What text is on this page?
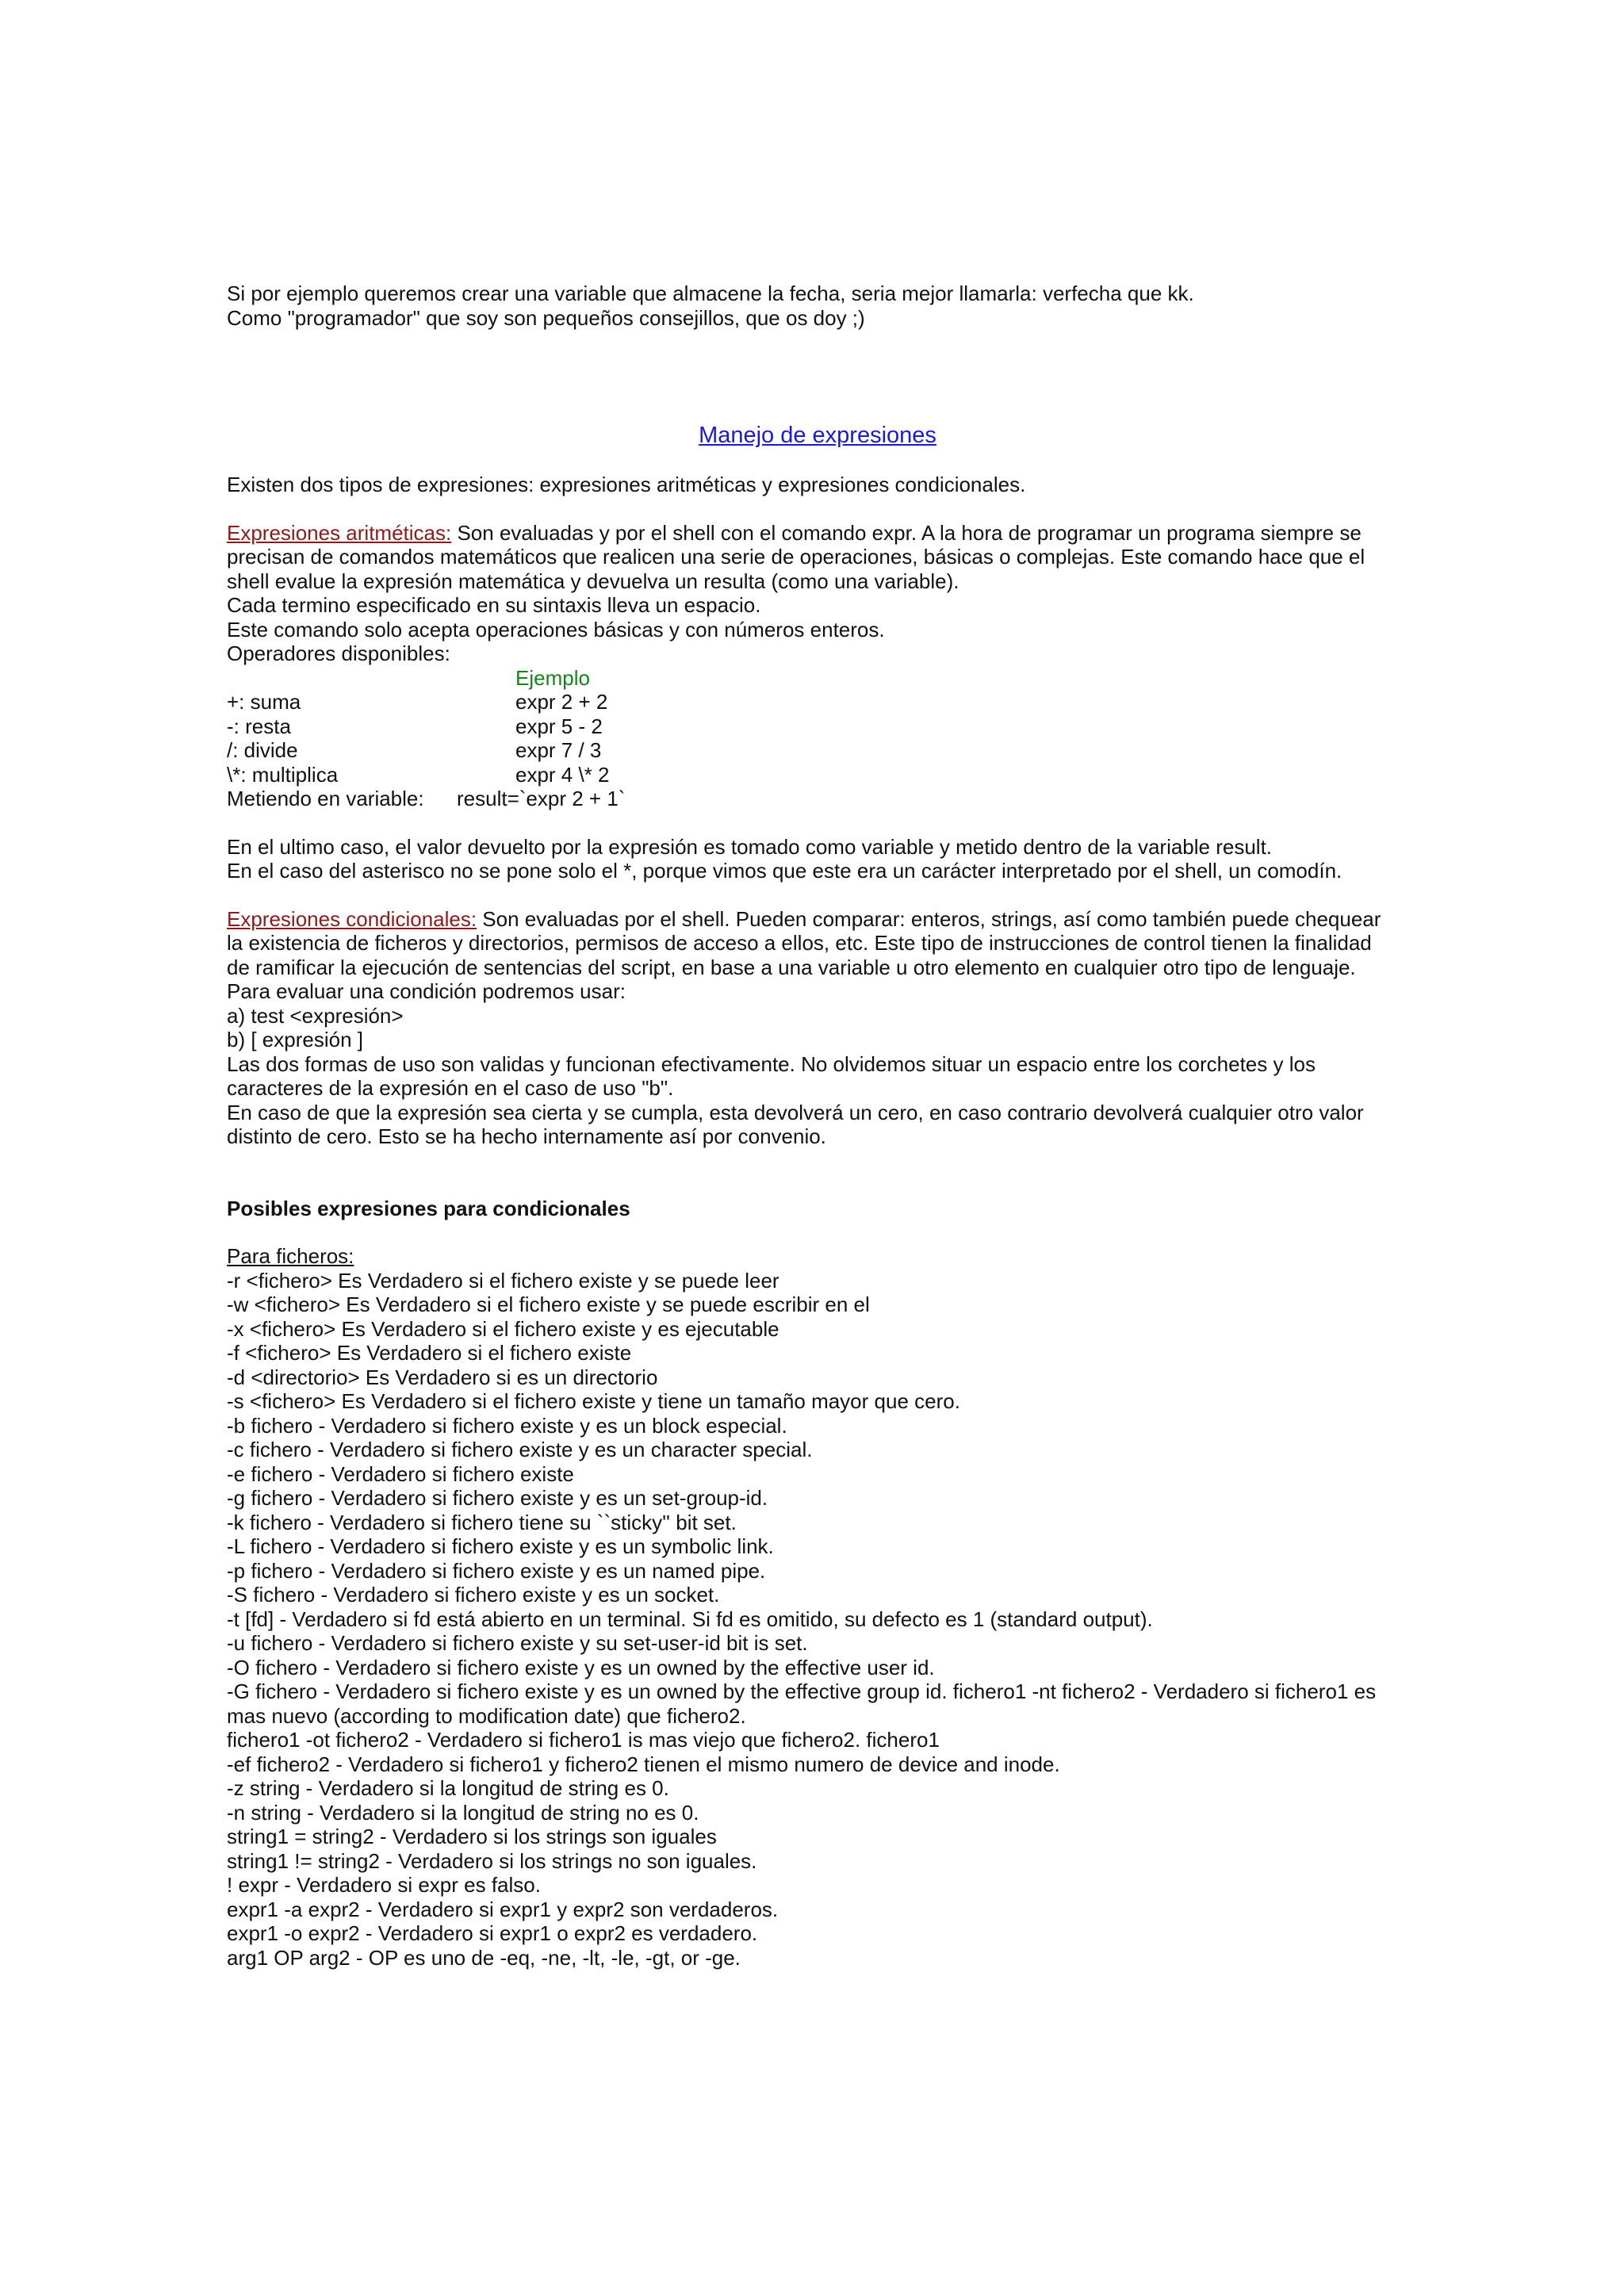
Si por ejemplo queremos crear una variable que almacene la fecha, seria mejor llamarla: verfecha que kk.

Como "programador" que soy son pequeños consejillos, que os doy ;)

Manejo de expresiones

Existen dos tipos de expresiones: expresiones aritméticas y expresiones condicionales.

Expresiones aritméticas: Son evaluadas y por el shell con el comando expr. A la hora de programar un programa siempre se

precisan de comandos matemáticos que realicen una serie de operaciones, básicas o complejas. Este comando hace que el

shell evalue la expresión matemática y devuelva un resulta (como una variable).

Cada termino especificado en su sintaxis lleva un espacio.

Este comando solo acepta operaciones básicas y con números enteros.

Operadores disponibles:

Ejemplo
+: suma	expr 2 + 2
-: resta	expr 5 - 2
/: divide	expr 7 / 3
\*: multiplica	expr 4 \* 2
Metiendo en variable:	result=`expr 2 + 1`

En el ultimo caso, el valor devuelto por la expresión es tomado como variable y metido dentro de la variable result.

En el caso del asterisco no se pone solo el *, porque vimos que este era un carácter interpretado por el shell, un comodín.

Expresiones condicionales: Son evaluadas por el shell. Pueden comparar: enteros, strings, así como también puede chequear

la existencia de ficheros y directorios, permisos de acceso a ellos, etc. Este tipo de instrucciones de control tienen la finalidad

de ramificar la ejecución de sentencias del script, en base a una variable u otro elemento en cualquier otro tipo de lenguaje.

Para evaluar una condición podremos usar:

a) test <expresión>

b) [ expresión ]

Las dos formas de uso son validas y funcionan efectivamente. No olvidemos situar un espacio entre los corchetes y los

caracteres de la expresión en el caso de uso "b".

En caso de que la expresión sea cierta y se cumpla, esta devolverá un cero, en caso contrario devolverá cualquier otro valor

distinto de cero. Esto se ha hecho internamente así por convenio.

Posibles expresiones para condicionales

Para ficheros:

-r <fichero> Es Verdadero si el fichero existe y se puede leer

-w <fichero> Es Verdadero si el fichero existe y se puede escribir en el

-x <fichero> Es Verdadero si el fichero existe y es ejecutable

-f <fichero> Es Verdadero si el fichero existe

-d <directorio> Es Verdadero si es un directorio

-s <fichero> Es Verdadero si el fichero existe y tiene un tamaño mayor que cero.

-b fichero - Verdadero si fichero existe y es un block especial.

-c fichero - Verdadero si fichero existe y es un character special.

-e fichero - Verdadero si fichero existe

-g fichero - Verdadero si fichero existe y es un set-group-id.

-k fichero - Verdadero si fichero tiene su ``sticky'' bit set.

-L fichero - Verdadero si fichero existe y es un symbolic link.

-p fichero - Verdadero si fichero existe y es un named pipe.

-S fichero - Verdadero si fichero existe y es un socket.

-t [fd] - Verdadero si fd está abierto en un terminal. Si fd es omitido, su defecto es 1 (standard output).

-u fichero - Verdadero si fichero existe y su set-user-id bit is set.

-O fichero - Verdadero si fichero existe y es un owned by the effective user id.

-G fichero - Verdadero si fichero existe y es un owned by the effective group id. fichero1 -nt fichero2 - Verdadero si fichero1 es

mas nuevo (according to modification date) que fichero2.

fichero1 -ot fichero2 - Verdadero si fichero1 is mas viejo que fichero2. fichero1

-ef fichero2 - Verdadero si fichero1 y fichero2 tienen el mismo numero de device and inode.

-z string - Verdadero si la longitud de string es 0.

-n string - Verdadero si la longitud de string no es 0.

string1 = string2 - Verdadero si los strings son iguales

string1 != string2 - Verdadero si los strings no son iguales.

! expr - Verdadero si expr es falso.

expr1 -a expr2 - Verdadero si expr1 y expr2 son verdaderos.

expr1 -o expr2 - Verdadero si expr1 o expr2 es verdadero.

arg1 OP arg2 - OP es uno de -eq, -ne, -lt, -le, -gt, or -ge.
